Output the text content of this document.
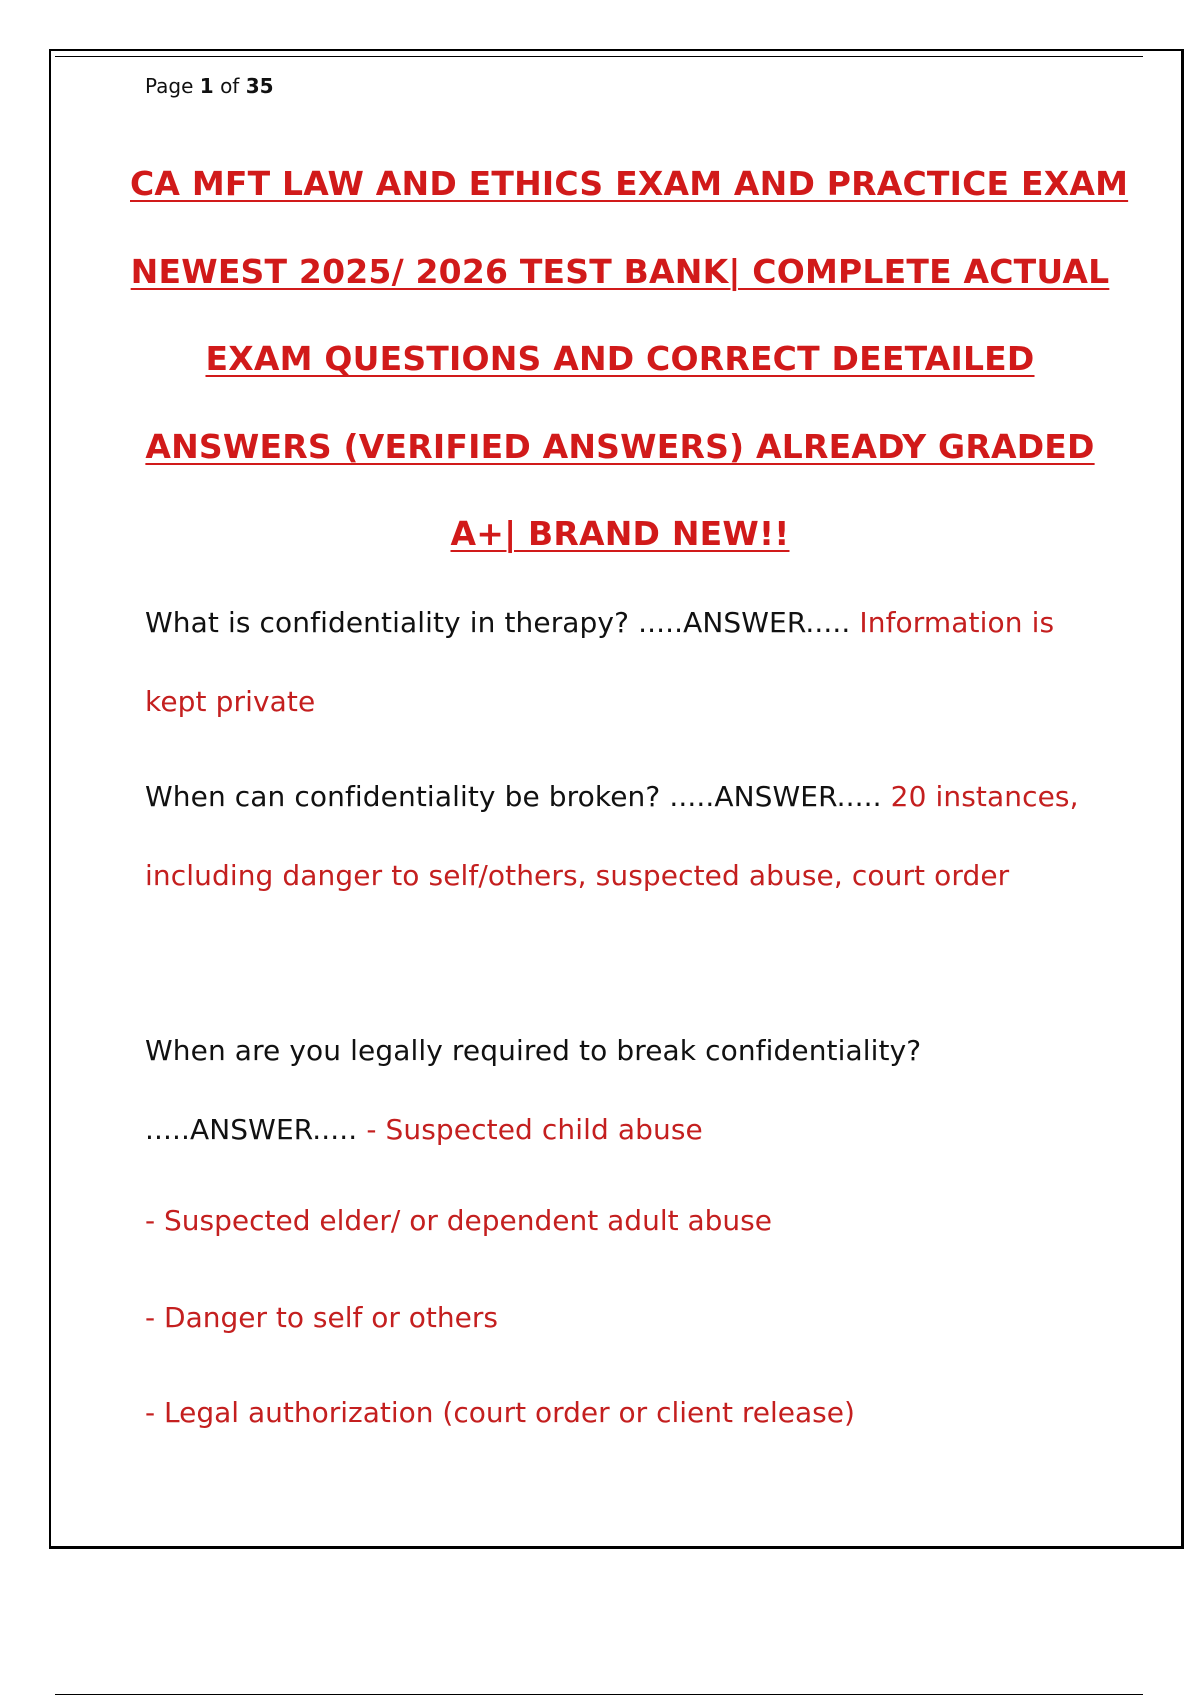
Page 1 of 35
CA MFT LAW AND ETHICS EXAM AND PRACTICE EXAM
NEWEST 2025/ 2026 TEST BANK| COMPLETE ACTUAL
EXAM QUESTIONS AND CORRECT DEETAILED
ANSWERS (VERIFIED ANSWERS) ALREADY GRADED
A+| BRAND NEW!!
What is confidentiality in therapy? .....ANSWER..... Information is kept private
When can confidentiality be broken? .....ANSWER..... 20 instances, including danger to self/others, suspected abuse, court order
When are you legally required to break confidentiality? .....ANSWER..... - Suspected child abuse
- Suspected elder/ or dependent adult abuse
- Danger to self or others
- Legal authorization (court order or client release)
